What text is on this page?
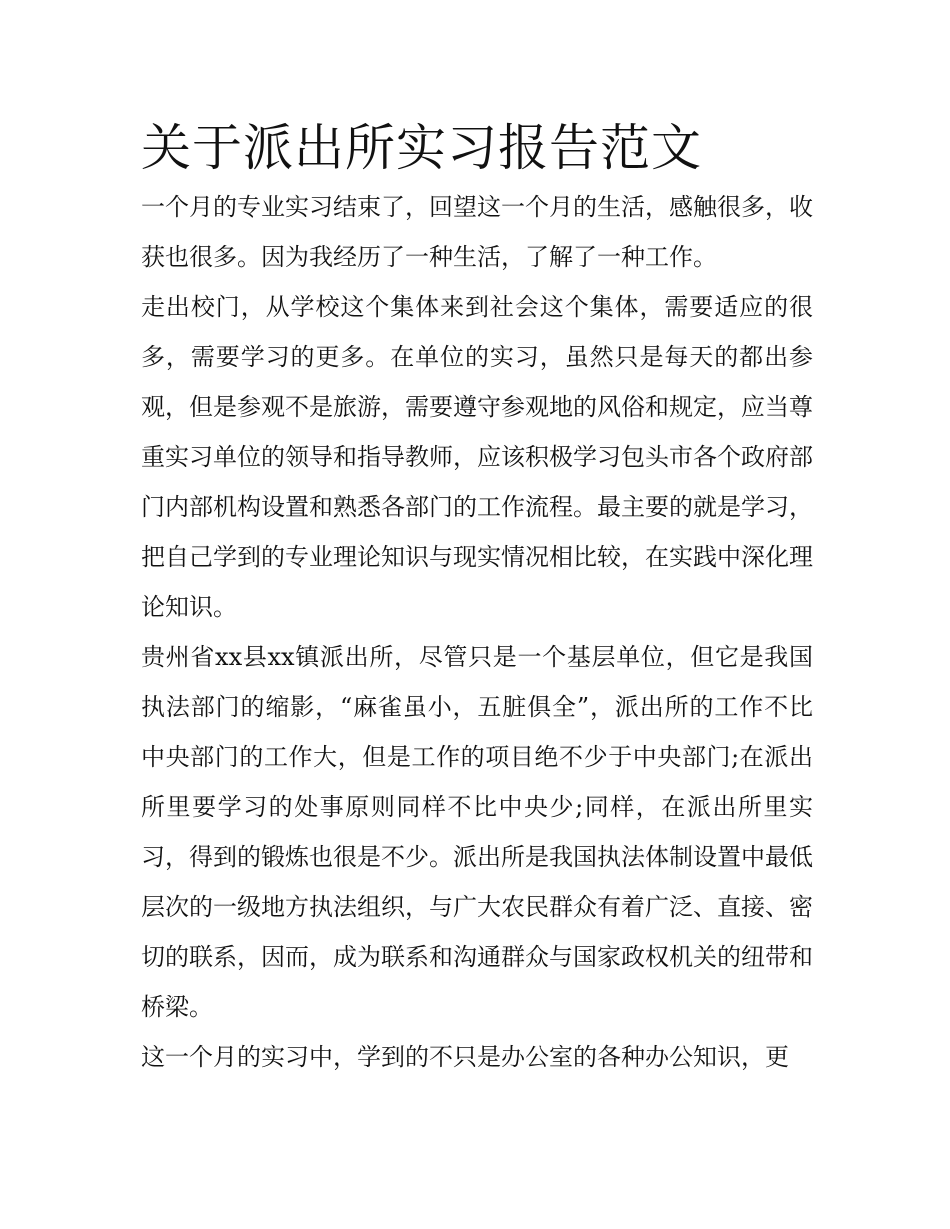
关于派出所实习报告范文

一个月的专业实习结束了，回望这一个月的生活，感触很多，收获也很多。因为我经历了一种生活，了解了一种工作。

走出校门，从学校这个集体来到社会这个集体，需要适应的很多，需要学习的更多。在单位的实习，虽然只是每天的都出参观，但是参观不是旅游，需要遵守参观地的风俗和规定，应当尊重实习单位的领导和指导教师，应该积极学习包头市各个政府部门内部机构设置和熟悉各部门的工作流程。最主要的就是学习，把自己学到的专业理论知识与现实情况相比较，在实践中深化理论知识。

贵州省xx县xx镇派出所，尽管只是一个基层单位，但它是我国执法部门的缩影，“麻雀虽小，五脏俱全”，派出所的工作不比中央部门的工作大，但是工作的项目绝不少于中央部门;在派出所里要学习的处事原则同样不比中央少;同样，在派出所里实习，得到的锻炼也很是不少。派出所是我国执法体制设置中最低层次的一级地方执法组织，与广大农民群众有着广泛、直接、密切的联系，因而，成为联系和沟通群众与国家政权机关的纽带和桥梁。

这一个月的实习中，学到的不只是办公室的各种办公知识，更
